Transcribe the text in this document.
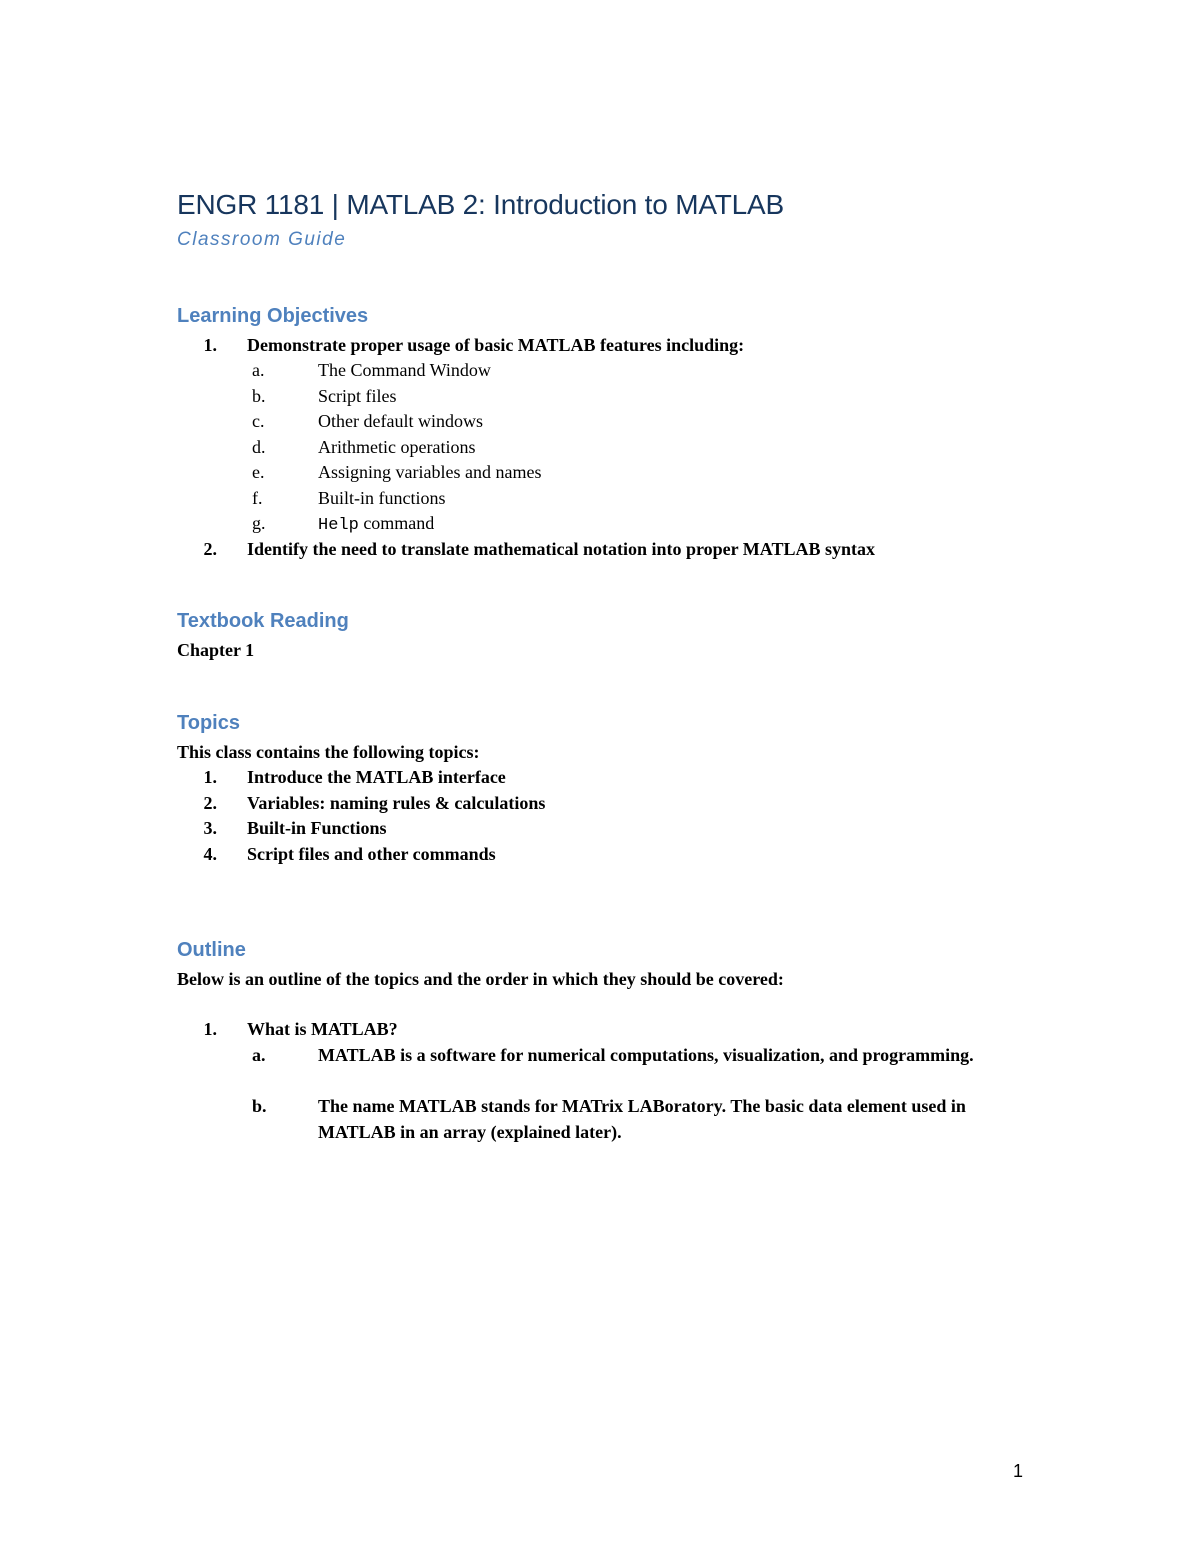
ENGR 1181 | MATLAB 2: Introduction to MATLAB
Classroom Guide
Learning Objectives
1. Demonstrate proper usage of basic MATLAB features including:
a.	The Command Window
b.	Script files
c.	Other default windows
d.	Arithmetic operations
e.	Assigning variables and names
f.	Built-in functions
g.	Help command
2. Identify the need to translate mathematical notation into proper MATLAB syntax
Textbook Reading
Chapter 1
Topics
This class contains the following topics:
1. Introduce the MATLAB interface
2. Variables: naming rules & calculations
3. Built-in Functions
4. Script files and other commands
Outline
Below is an outline of the topics and the order in which they should be covered:
1. What is MATLAB?
a.	MATLAB is a software for numerical computations, visualization, and programming.
b.	The name MATLAB stands for MATrix LABoratory. The basic data element used in MATLAB in an array (explained later).
1
